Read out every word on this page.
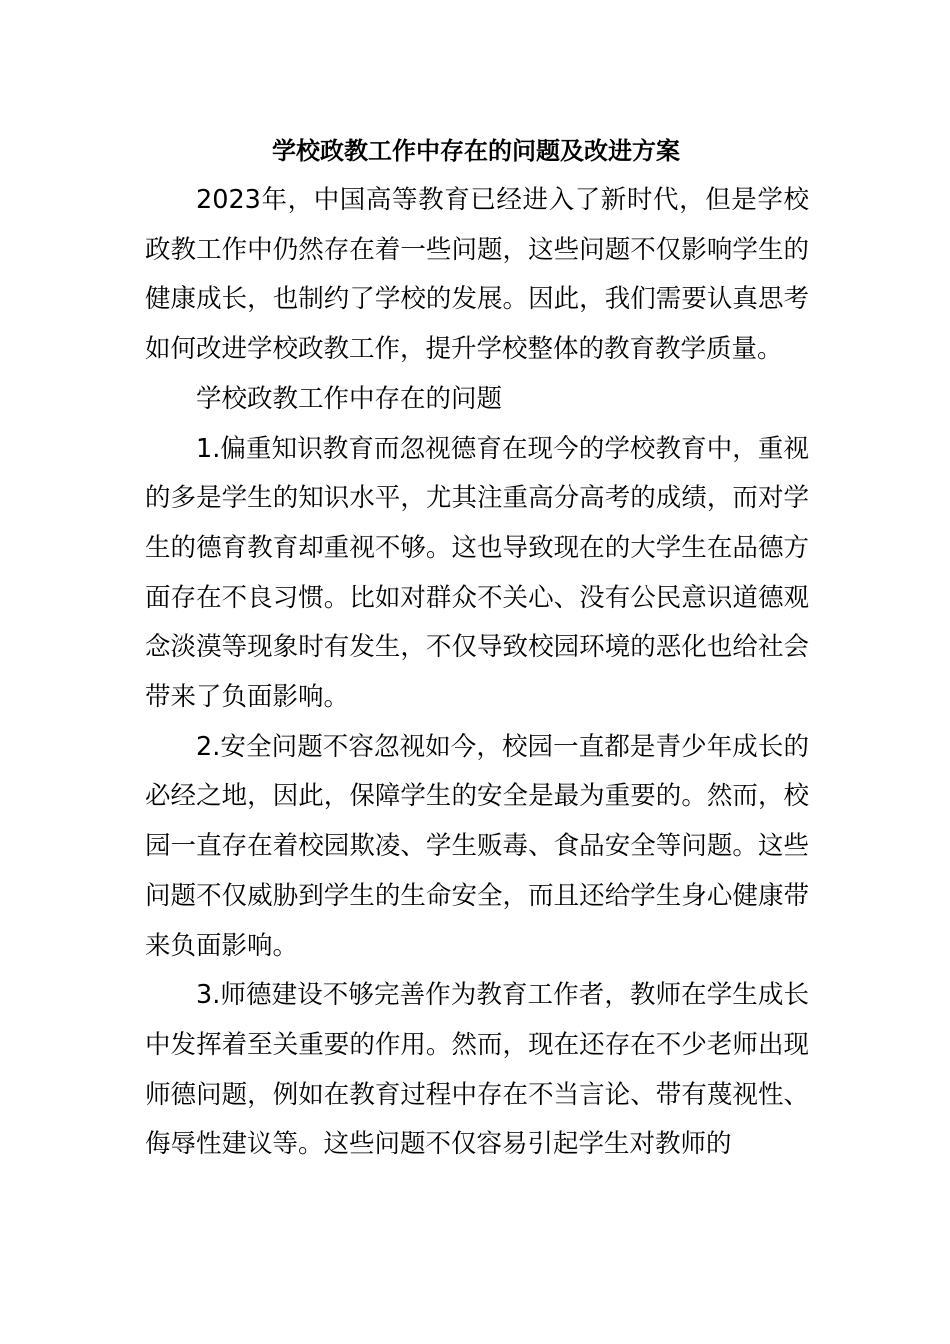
学校政教工作中存在的问题及改进方案

2023年，中国高等教育已经进入了新时代，但是学校政教工作中仍然存在着一些问题，这些问题不仅影响学生的健康成长，也制约了学校的发展。因此，我们需要认真思考如何改进学校政教工作，提升学校整体的教育教学质量。

学校政教工作中存在的问题

1.偏重知识教育而忽视德育在现今的学校教育中，重视的多是学生的知识水平，尤其注重高分高考的成绩，而对学生的德育教育却重视不够。这也导致现在的大学生在品德方面存在不良习惯。比如对群众不关心、没有公民意识道德观念淡漠等现象时有发生，不仅导致校园环境的恶化也给社会带来了负面影响。

2.安全问题不容忽视如今，校园一直都是青少年成长的必经之地，因此，保障学生的安全是最为重要的。然而，校园一直存在着校园欺凌、学生贩毒、食品安全等问题。这些问题不仅威胁到学生的生命安全，而且还给学生身心健康带来负面影响。

3.师德建设不够完善作为教育工作者，教师在学生成长中发挥着至关重要的作用。然而，现在还存在不少老师出现师德问题，例如在教育过程中存在不当言论、带有蔑视性、侮辱性建议等。这些问题不仅容易引起学生对教师的
